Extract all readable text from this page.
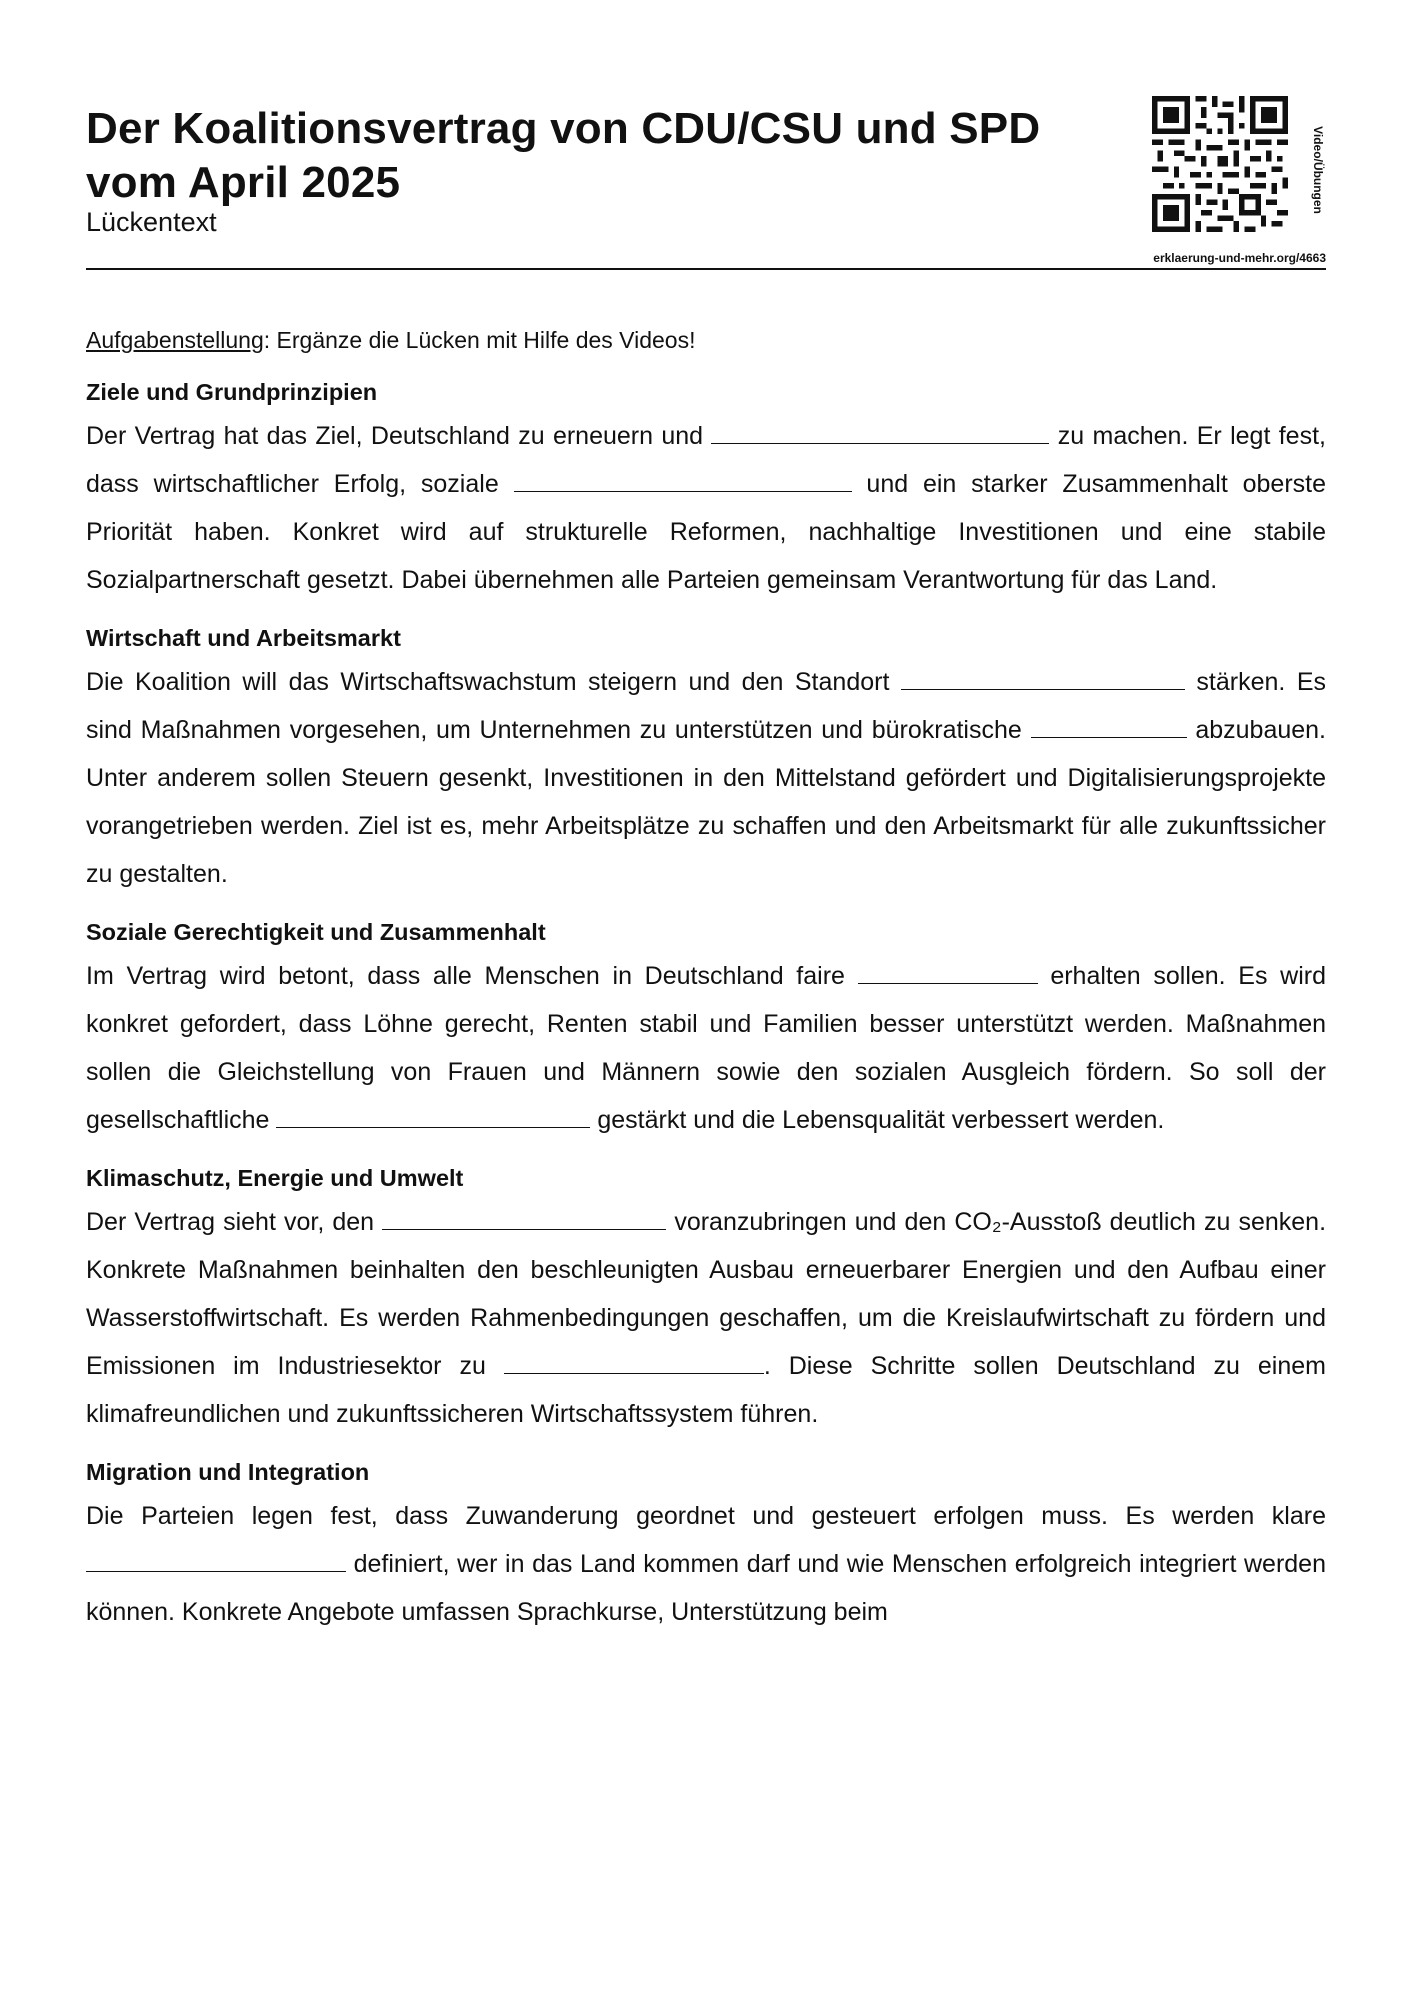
Der Koalitionsvertrag von CDU/CSU und SPD vom April 2025

Lückentext

Video/Übungen
erklaerung-und-mehr.org/4663

Aufgabenstellung: Ergänze die Lücken mit Hilfe des Videos!

Ziele und Grundprinzipien

Der Vertrag hat das Ziel, Deutschland zu erneuern und	zu machen. Er legt fest, dass wirtschaftlicher Erfolg, soziale	und ein starker Zusammenhalt oberste Priorität haben. Konkret wird auf strukturelle Reformen, nachhaltige Investitionen und eine stabile Sozialpartnerschaft gesetzt. Dabei übernehmen alle Parteien gemeinsam Verantwortung für das Land.

Wirtschaft und Arbeitsmarkt

Die Koalition will das Wirtschaftswachstum steigern und den Standort	stärken. Es sind Maßnahmen vorgesehen, um Unternehmen zu unterstützen und bürokratische	abzubauen. Unter anderem sollen Steuern gesenkt, Investitionen in den Mittelstand gefördert und Digitalisierungsprojekte vorangetrieben werden. Ziel ist es, mehr Arbeitsplätze zu schaffen und den Arbeitsmarkt für alle zukunftssicher zu gestalten.

Soziale Gerechtigkeit und Zusammenhalt

Im Vertrag wird betont, dass alle Menschen in Deutschland faire	erhalten sollen. Es wird konkret gefordert, dass Löhne gerecht, Renten stabil und Familien besser unterstützt werden. Maßnahmen sollen die Gleichstellung von Frauen und Männern sowie den sozialen Ausgleich fördern. So soll der gesellschaftliche	gestärkt und die Lebensqualität verbessert werden.

Klimaschutz, Energie und Umwelt

Der Vertrag sieht vor, den	voranzubringen und den CO₂-Ausstoß deutlich zu senken. Konkrete Maßnahmen beinhalten den beschleunigten Ausbau erneuerbarer Energien und den Aufbau einer Wasserstoffwirtschaft. Es werden Rahmenbedingungen geschaffen, um die Kreislaufwirtschaft zu fördern und Emissionen im Industriesektor zu	. Diese Schritte sollen Deutschland zu einem klimafreundlichen und zukunftssicheren Wirtschaftssystem führen.

Migration und Integration

Die Parteien legen fest, dass Zuwanderung geordnet und gesteuert erfolgen muss. Es werden klare  definiert, wer in das Land kommen darf und wie Menschen erfolgreich integriert werden können. Konkrete Angebote umfassen Sprachkurse, Unterstützung beim
